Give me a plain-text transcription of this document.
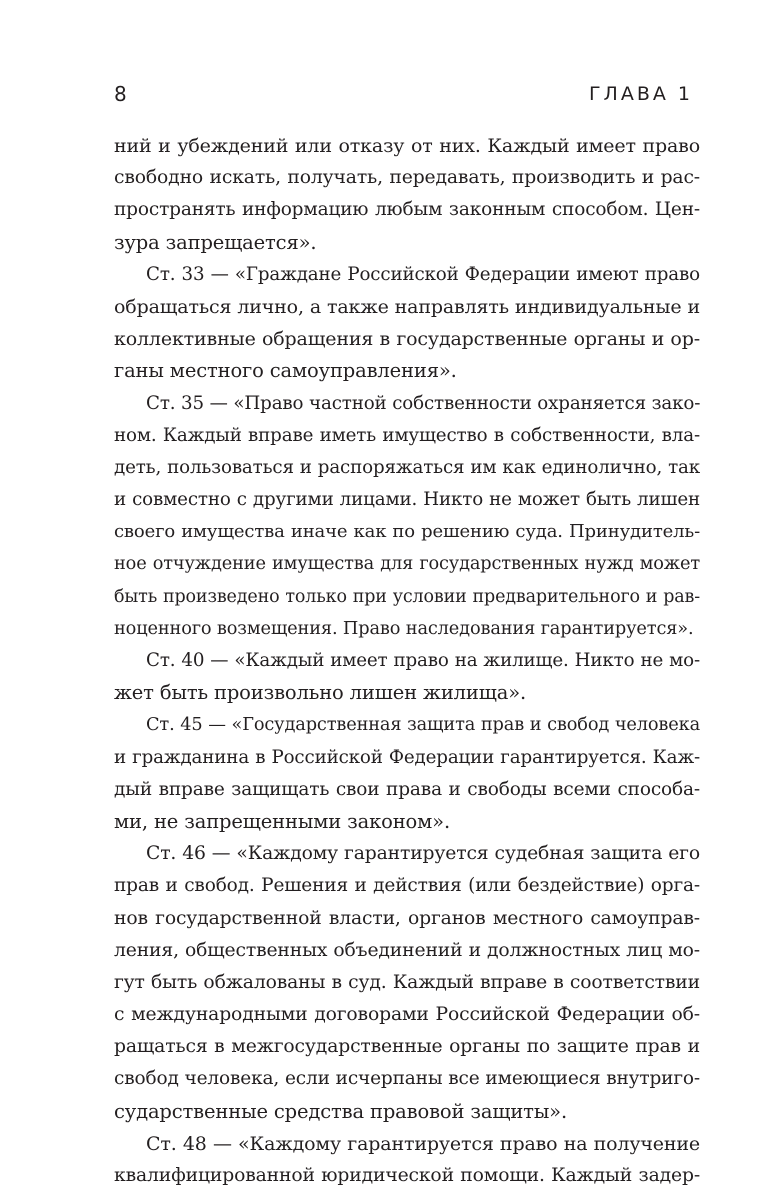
8	ГЛАВА 1
ний и убеждений или отказу от них. Каждый имеет право
свободно искать, получать, передавать, производить и рас-
пространять информацию любым законным способом. Цен-
зура запрещается».
Ст. 33 — «Граждане Российской Федерации имеют право
обращаться лично, а также направлять индивидуальные и
коллективные обращения в государственные органы и ор-
ганы местного самоуправления».
Ст. 35 — «Право частной собственности охраняется зако-
ном. Каждый вправе иметь имущество в собственности, вла-
деть, пользоваться и распоряжаться им как единолично, так
и совместно с другими лицами. Никто не может быть лишен
своего имущества иначе как по решению суда. Принудитель-
ное отчуждение имущества для государственных нужд может
быть произведено только при условии предварительного и рав-
ноценного возмещения. Право наследования гарантируется».
Ст. 40 — «Каждый имеет право на жилище. Никто не мо-
жет быть произвольно лишен жилища».
Ст. 45 — «Государственная защита прав и свобод человека
и гражданина в Российской Федерации гарантируется. Каж-
дый вправе защищать свои права и свободы всеми способа-
ми, не запрещенными законом».
Ст. 46 — «Каждому гарантируется судебная защита его
прав и свобод. Решения и действия (или бездействие) орга-
нов государственной власти, органов местного самоуправ-
ления, общественных объединений и должностных лиц мо-
гут быть обжалованы в суд. Каждый вправе в соответствии
с международными договорами Российской Федерации об-
ращаться в межгосударственные органы по защите прав и
свобод человека, если исчерпаны все имеющиеся внутриго-
сударственные средства правовой защиты».
Ст. 48 — «Каждому гарантируется право на получение
квалифицированной юридической помощи. Каждый задер-
